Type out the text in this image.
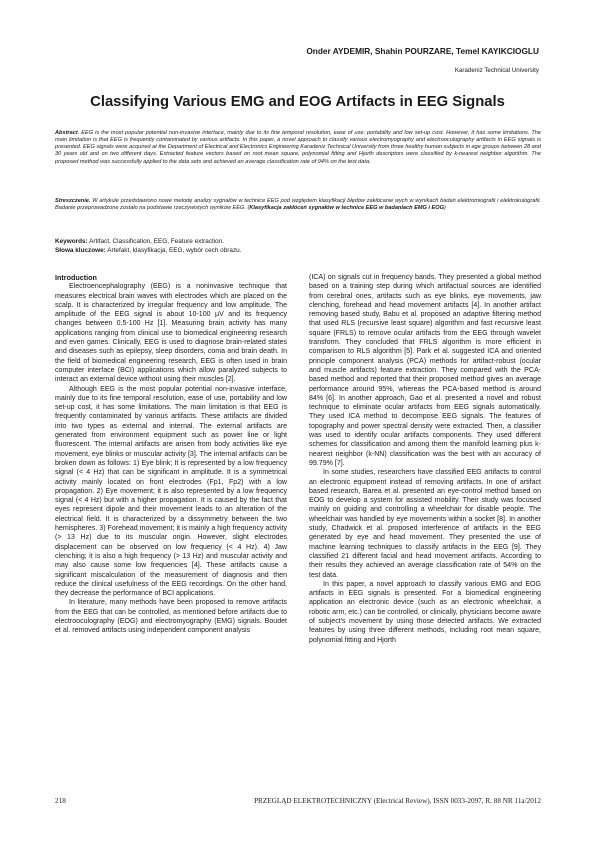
Onder AYDEMIR, Shahin POURZARE, Temel KAYIKCIOGLU
Karadeniz Technical University
Classifying Various EMG and EOG Artifacts in EEG Signals
Abstract. EEG is the most popular potential non-invasive interface, mainly due to its fine temporal resolution, ease of use, portability and low set-up cost. However, it has some limitations. The main limitation is that EEG is frequently contaminated by various artifacts. In this paper, a novel approach to classify various electromyography and electrooculography artifacts in EEG signals is presented. EEG signals were acquired at the Department of Electrical and Electronics Engineering Karadeniz Technical University from three healthy human subjects in age groups between 28 and 30 years old and on two different days. Extracted feature vectors based on root mean square, polynomial fitting and Hjorth descriptors were classified by k-nearest neighbor algorithm. The proposed method was successfully applied to the data sets and achieved an average classification rate of 94% on the test data.
Streszczenie. W artykule przedstawiono nowe metodę analizy sygnałów w technice EEG pod względem klasyfikacji błędów zakłócanie wych w wynikach badań elektromiografii i elektrokulografii. Badanie przeprowadzone zostało na podstawie rzeczywistych wyników EEG. (Klasyfikacja zakłóceń sygnałów w technice EEG w badaniach EMG i EOG)
Keywords: Artifact, Classification, EEG, Feature extraction.
Słowa kluczowe: Artefakt, klasyfikacja, EEG, wybór cech obrazu.
Introduction

Electroencephalography (EEG) is a noninvasive technique that measures electrical brain waves with electrodes which are placed on the scalp. It is characterized by irregular frequency and low amplitude. The amplitude of the EEG signal is about 10-100 μV and its frequency changes between 0.5-100 Hz [1]. Measuring brain activity has many applications ranging from clinical use to biomedical engineering research and even games. Clinically, EEG is used to diagnose brain-related states and diseases such as epilepsy, sleep disorders, coma and brain death. In the field of biomedical engineering research, EEG is often used in brain computer interface (BCI) applications which allow paralyzed subjects to interact an external device without using their muscles [2].

Although EEG is the most popular potential non-invasive interface, mainly due to its fine temporal resolution, ease of use, portability and low set-up cost, it has some limitations. The main limitation is that EEG is frequently contaminated by various artifacts. These artifacts are divided into two types as external and internal. The external artifacts are generated from environment equipment such as power line or light fluorescent. The internal artifacts are arisen from body activities like eye movement, eye blinks or muscular activity [3]. The internal artifacts can be broken down as follows: 1) Eye blink; It is represented by a low frequency signal (< 4 Hz) that can be significant in amplitude. It is a symmetrical activity mainly located on front electrodes (Fp1, Fp2) with a low propagation. 2) Eye movement; it is also represented by a low frequency signal (< 4 Hz) but with a higher propagation. It is caused by the fact that eyes represent dipole and their movement leads to an alteration of the electrical field. It is characterized by a dissymmetry between the two hemispheres. 3) Forehead movement; it is mainly a high frequency activity (> 13 Hz) due to its muscular origin. However, slight electrodes displacement can be observed on low frequency (< 4 Hz). 4) Jaw clenching; it is also a high frequency (> 13 Hz) and muscular activity and may also cause some low frequencies [4]. These artifacts cause a significant miscalculation of the measurement of diagnosis and then reduce the clinical usefulness of the EEG recordings. On the other hand, they decrease the performance of BCI applications.

In literature, many methods have been proposed to remove artifacts from the EEG that can be controlled, as mentioned before artifacts due to electrooculography (EOG) and electromyography (EMG) signals. Boudet et al. removed artifacts using independent component analysis

(ICA) on signals cut in frequency bands. They presented a global method based on a training step during which artifactual sources are identified from cerebral ones, artifacts such as eye blinks, eye movements, jaw clenching, forehead and head movement artifacts [4]. In another artifact removing based study, Babu et al. proposed an adaptive filtering method that used RLS (recursive least square) algorithm and fast recursive least square (FRLS) to remove ocular artifacts from the EEG through wavelet transform. They concluded that FRLS algorithm is more efficient in comparison to RLS algorithm [5]. Park et al. suggested ICA and oriented principle component analysis (PCA) methods for artifact-robust (ocular and muscle artifacts) feature extraction. They compared with the PCA-based method and reported that their proposed method gives an average performance around 95%, whereas the PCA-based method is around 84% [6]. In another approach, Gao et al. presented a novel and robust technique to eliminate ocular artifacts from EEG signals automatically. They used ICA method to decompose EEG signals. The features of topography and power spectral density were extracted. Then, a classifier was used to identify ocular artifacts components. They used different schemes for classification and among them the manifold learning plus k-nearest neighbor (k-NN) classification was the best with an accuracy of 99.79% [7].

In some studies, researchers have classified EEG artifacts to control an electronic equipment instead of removing artifacts. In one of artifact based research, Barea et al. presented an eye-control method based on EOG to develop a system for assisted mobility. Their study was focused mainly on guiding and controlling a wheelchair for disable people. The wheelchair was handled by eye movements within a socket [8]. In another study, Chadwick et al. proposed interference of artifacts in the EEG generated by eye and head movement. They presented the use of machine learning techniques to classify artifacts in the EEG [9]. They classified 21 different facial and head movement artifacts. According to their results they achieved an average classification rate of 54% on the test data.

In this paper, a novel approach to classify various EMG and EOG artifacts in EEG signals is presented. For a biomedical engineering application an electronic device (such as an electronic wheelchair, a robotic arm, etc.) can be controlled, or clinically, physicians become aware of subject's movement by using those detected artifacts. We extracted features by using three different methods, including root mean square, polynomial fitting and Hjorth

218	PRZEGLĄD ELEKTROTECHNICZNY (Electrical Review), ISSN 0033-2097, R. 88 NR 11a/2012
